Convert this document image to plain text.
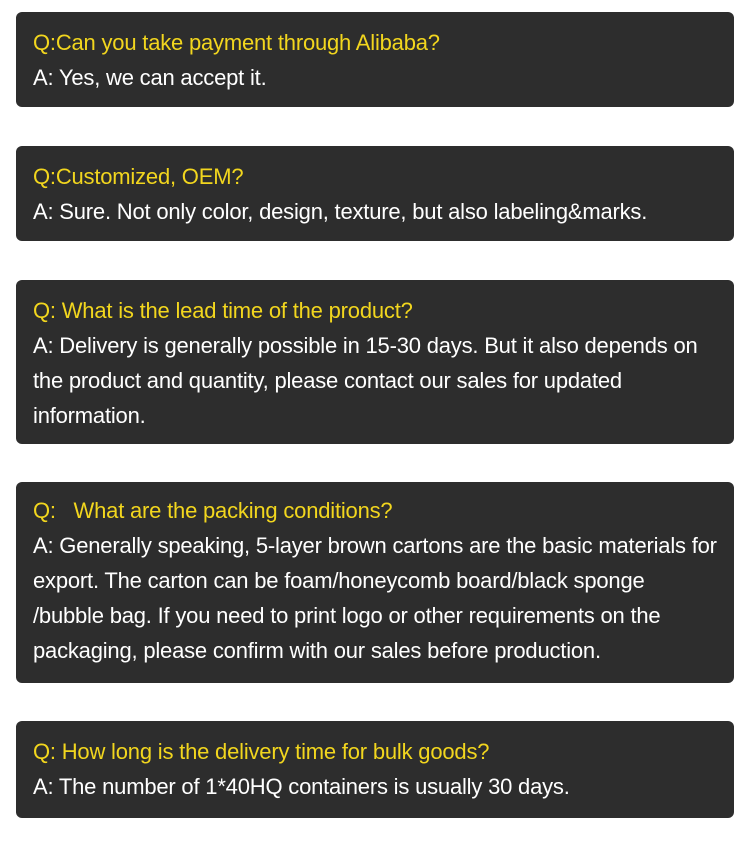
Q:Can you take payment through Alibaba?

A: Yes, we can accept it.

Q:Customized, OEM?

A: Sure. Not only color, design, texture, but also labeling&marks.

Q: What is the lead time of the product?

A: Delivery is generally possible in 15-30 days. But it also depends on the product and quantity, please contact our sales for updated information.

Q:   What are the packing conditions?

A: Generally speaking, 5-layer brown cartons are the basic materials for export. The carton can be foam/honeycomb board/black sponge /bubble bag. If you need to print logo or other requirements on the packaging, please confirm with our sales before production.

Q: How long is the delivery time for bulk goods?

A: The number of 1*40HQ containers is usually 30 days.
